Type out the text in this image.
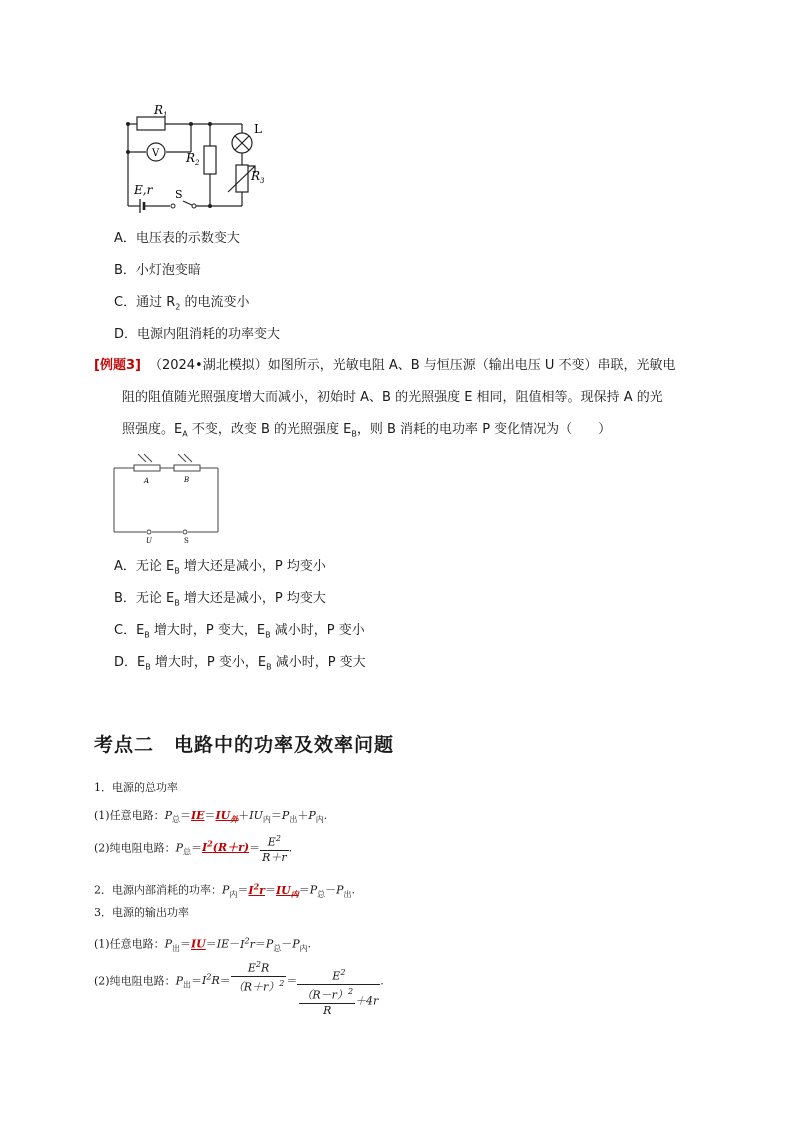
$R_1$
$R_2$
$R_3$
L
V
E,r S
A．电压表的示数变大
B．小灯泡变暗
C．通过 $R_2$ 的电流变小
D．电源内阻消耗的功率变大
[例题3] （2024•湖北模拟）如图所示，光敏电阻 A、B 与恒压源（输出电压 U 不变）串联，光敏电
阻的阻值随光照强度增大而减小，初始时 A、B 的光照强度 E 相同，阻值相等。现保持 A 的光
照强度。$E_A$ 不变，改变 B 的光照强度 $E_B$，则 B 消耗的电功率 P 变化情况为（　　）
A	B
U	S
A．无论 $E_B$ 增大还是减小，P 均变小
B．无论 $E_B$ 增大还是减小，P 均变大
C．$E_B$ 增大时，P 变大，$E_B$ 减小时，P 变小
D．$E_B$ 增大时，P 变小，$E_B$ 减小时，P 变大
考点二　电路中的功率及效率问题
1．电源的总功率
(1)任意电路：$P_总=IE=IU_外+IU_内=P_出+P_内$.
(2)纯电阻电路：$P_总=I^2(R+r)= \frac{E^2}{R+r}$ .
2．电源内部消耗的功率：$P_内=I^2r=IU_内=P_总-P_出$.
3．电源的输出功率
(1)任意电路：$P_出=IU=IE-I^2r=P_总-P_内$.
(2)纯电阻电路：$P_出=I^2R= \frac{E^2R}{(R+r)^2} = \frac{E^2}{\frac{(R-r)^2}{R} +4r}$ .
